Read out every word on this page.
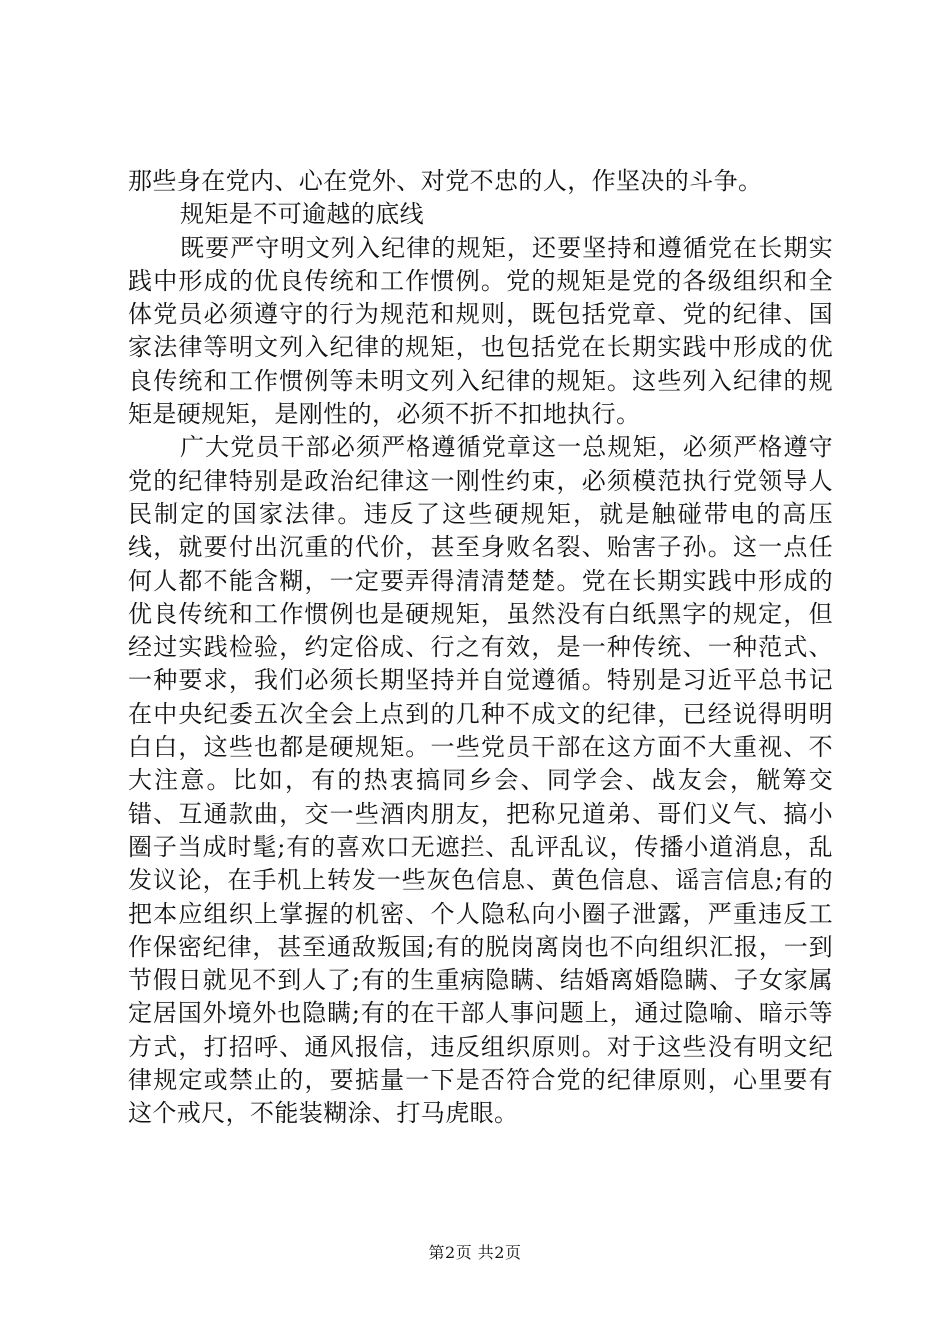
那些身在党内、心在党外、对党不忠的人，作坚决的斗争。

规矩是不可逾越的底线

既要严守明文列入纪律的规矩，还要坚持和遵循党在长期实践中形成的优良传统和工作惯例。党的规矩是党的各级组织和全体党员必须遵守的行为规范和规则，既包括党章、党的纪律、国家法律等明文列入纪律的规矩，也包括党在长期实践中形成的优良传统和工作惯例等未明文列入纪律的规矩。这些列入纪律的规矩是硬规矩，是刚性的，必须不折不扣地执行。

广大党员干部必须严格遵循党章这一总规矩，必须严格遵守党的纪律特别是政治纪律这一刚性约束，必须模范执行党领导人民制定的国家法律。违反了这些硬规矩，就是触碰带电的高压线，就要付出沉重的代价，甚至身败名裂、贻害子孙。这一点任何人都不能含糊，一定要弄得清清楚楚。党在长期实践中形成的优良传统和工作惯例也是硬规矩，虽然没有白纸黑字的规定，但经过实践检验，约定俗成、行之有效，是一种传统、一种范式、一种要求，我们必须长期坚持并自觉遵循。特别是习近平总书记在中央纪委五次全会上点到的几种不成文的纪律，已经说得明明白白，这些也都是硬规矩。一些党员干部在这方面不大重视、不大注意。比如，有的热衷搞同乡会、同学会、战友会，觥筹交错、互通款曲，交一些酒肉朋友，把称兄道弟、哥们义气、搞小圈子当成时髦;有的喜欢口无遮拦、乱评乱议，传播小道消息，乱发议论，在手机上转发一些灰色信息、黄色信息、谣言信息;有的把本应组织上掌握的机密、个人隐私向小圈子泄露，严重违反工作保密纪律，甚至通敌叛国;有的脱岗离岗也不向组织汇报，一到节假日就见不到人了;有的生重病隐瞒、结婚离婚隐瞒、子女家属定居国外境外也隐瞒;有的在干部人事问题上，通过隐喻、暗示等方式，打招呼、通风报信，违反组织原则。对于这些没有明文纪律规定或禁止的，要掂量一下是否符合党的纪律原则，心里要有这个戒尺，不能装糊涂、打马虎眼。

第2页 共2页
